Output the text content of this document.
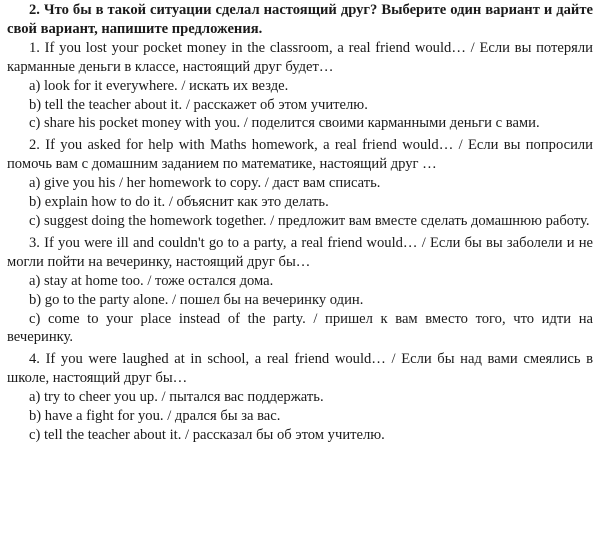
2. Что бы в такой ситуации сделал настоящий друг? Выберите один вариант и дайте свой вариант, напишите предложения.

1. If you lost your pocket money in the classroom, a real friend would… / Если вы потеряли карманные деньги в классе, настоящий друг будет…

a) look for it everywhere. / искать их везде.

b) tell the teacher about it. / расскажет об этом учителю.

c) share his pocket money with you. / поделится своими карманными деньги с вами.

2. If you asked for help with Maths homework, a real friend would… / Если вы попросили помочь вам с домашним заданием по математике, настоящий друг …

a) give you his / her homework to copy. / даст вам списать.

b) explain how to do it. / объяснит как это делать.

c) suggest doing the homework together. / предложит вам вместе сделать домашнюю работу.

3. If you were ill and couldn't go to a party, a real friend would… / Если бы вы заболели и не могли пойти на вечеринку, настоящий друг бы…

a) stay at home too. / тоже остался дома.

b) go to the party alone. / пошел бы на вечеринку один.

c) come to your place instead of the party. / пришел к вам вместо того, что идти на вечеринку.

4. If you were laughed at in school, a real friend would… / Если бы над вами смеялись в школе, настоящий друг бы…

a) try to cheer you up. / пытался вас поддержать.

b) have a fight for you. / дрался бы за вас.

c) tell the teacher about it. / рассказал бы об этом учителю.
